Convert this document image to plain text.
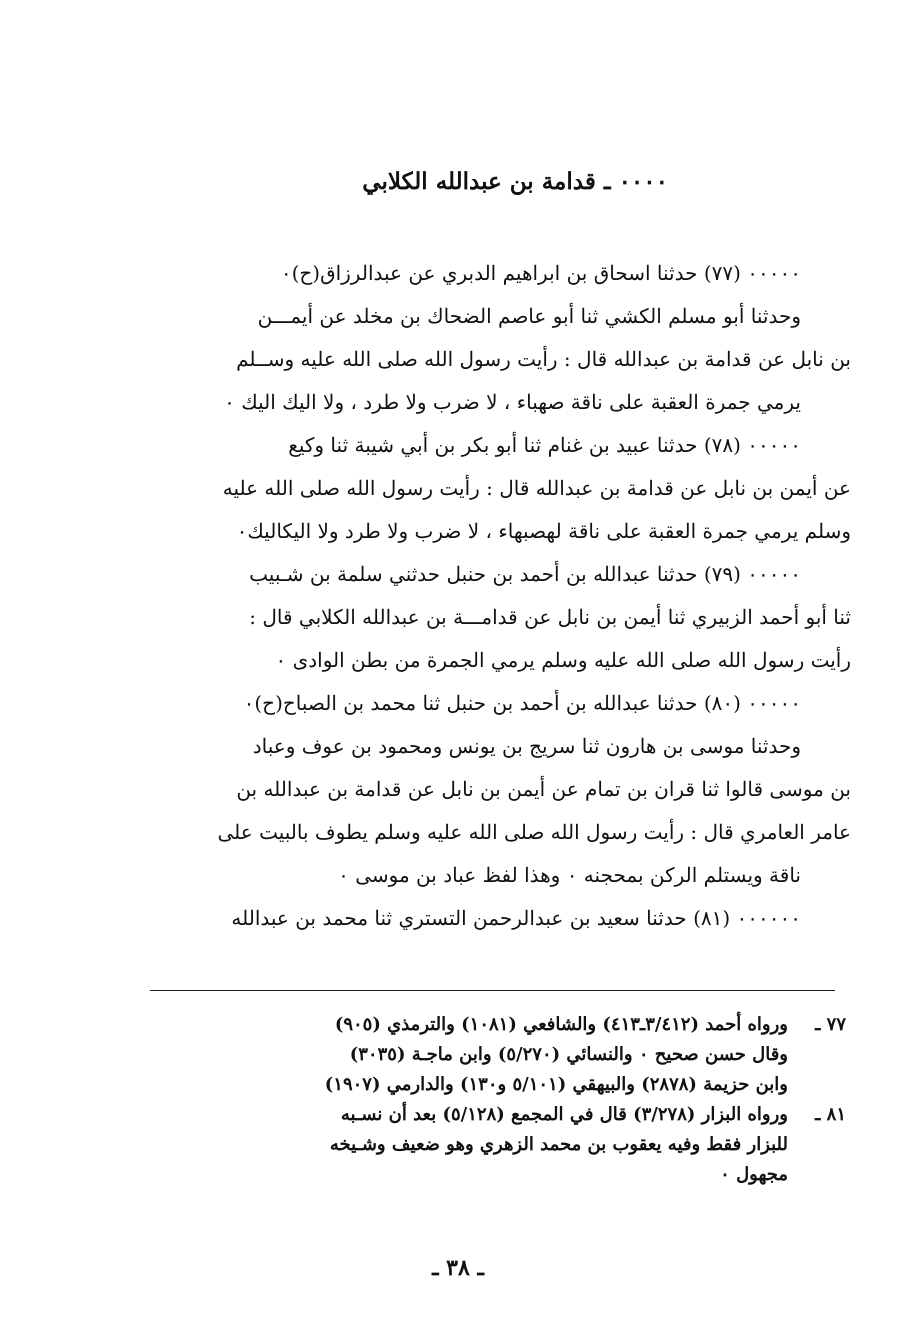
٠٠٠٠ ـ قدامة بن عبدالله الكلابي
٠٠٠٠٠ (٧٧) حدثنا اسحاق بن ابراهيم الدبري عن عبدالرزاق(ح)٠
وحدثنا أبو مسلم الكشي ثنا أبو عاصم الضحاك بن مخلد عن أيمـــن
بن نابل عن قدامة بن عبدالله قال : رأيت رسول الله صلى الله عليه وســلم
يرمي جمرة العقبة على ناقة صهباء ، لا ضرب ولا طرد ، ولا اليك اليك ٠
٠٠٠٠٠ (٧٨) حدثنا عبيد بن غنام ثنا أبو بكر بن أبي شيبة ثنا وكيع
عن أيمن بن نابل عن قدامة بن عبدالله قال : رأيت رسول الله صلى الله عليه
وسلم يرمي جمرة العقبة على ناقة لهصبهاء ، لا ضرب ولا طرد ولا اليكاليك٠
٠٠٠٠٠ (٧٩) حدثنا عبدالله بن أحمد بن حنبل حدثني سلمة بن شـبيب
ثنا أبو أحمد الزبيري ثنا أيمن بن نابل عن قدامـــة بن عبدالله الكلابي قال :
رأيت رسول الله صلى الله عليه وسلم يرمي الجمرة من بطن الوادى ٠
٠٠٠٠٠ (٨٠) حدثنا عبدالله بن أحمد بن حنبل ثنا محمد بن الصباح(ح)٠
وحدثنا موسى بن هارون ثنا سريج بن يونس ومحمود بن عوف وعباد
بن موسى قالوا ثنا قران بن تمام عن أيمن بن نابل عن قدامة بن عبدالله بن
عامر العامري قال : رأيت رسول الله صلى الله عليه وسلم يطوف بالبيت على
ناقة ويستلم الركن بمحجنه ٠ وهذا لفظ عباد بن موسى ٠
٠٠٠٠٠٠ (٨١) حدثنا سعيد بن عبدالرحمن التستري ثنا محمد بن عبدالله
٧٧ ـ
ورواه أحمد (٣/٤١٢ـ٤١٣) والشافعي (١٠٨١) والترمذي (٩٠٥)
وقال حسن صحيح ٠ والنسائي (٥/٢٧٠) وابن ماجـة (٣٠٣٥)
وابن حزيمة (٢٨٧٨) والبيهقي (٥/١٠١ و١٣٠) والدارمي (١٩٠٧)
٨١ ـ
ورواه البزار (٣/٢٧٨) قال في المجمع (٥/١٢٨) بعد أن نسـبه
للبزار فقط وفيه يعقوب بن محمد الزهري وهو ضعيف وشـيخه
مجهول ٠
ـ ٣٨ ـ
